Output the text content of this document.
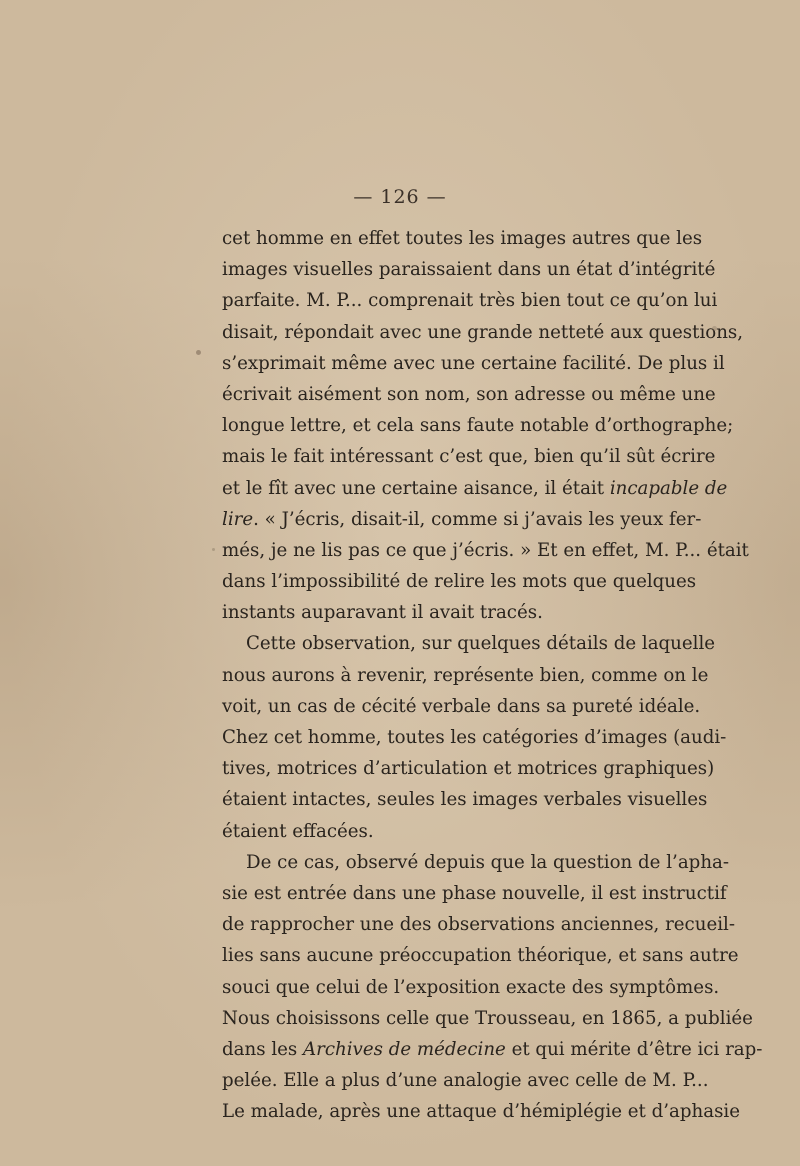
— 126 —
cet homme en effet toutes les images autres que les
images visuelles paraissaient dans un état d’intégrité
parfaite. M. P... comprenait très bien tout ce qu’on lui
disait, répondait avec une grande netteté aux questions,
s’exprimait même avec une certaine facilité. De plus il
écrivait aisément son nom, son adresse ou même une
longue lettre, et cela sans faute notable d’orthographe;
mais le fait intéressant c’est que, bien qu’il sût écrire
et le fît avec une certaine aisance, il était incapable de
lire. « J’écris, disait-il, comme si j’avais les yeux fer-
més, je ne lis pas ce que j’écris. » Et en effet, M. P... était
dans l’impossibilité de relire les mots que quelques
instants auparavant il avait tracés.
Cette observation, sur quelques détails de laquelle
nous aurons à revenir, représente bien, comme on le
voit, un cas de cécité verbale dans sa pureté idéale.
Chez cet homme, toutes les catégories d’images (audi-
tives, motrices d’articulation et motrices graphiques)
étaient intactes, seules les images verbales visuelles
étaient effacées.
De ce cas, observé depuis que la question de l’apha-
sie est entrée dans une phase nouvelle, il est instructif
de rapprocher une des observations anciennes, recueil-
lies sans aucune préoccupation théorique, et sans autre
souci que celui de l’exposition exacte des symptômes.
Nous choisissons celle que Trousseau, en 1865, a publiée
dans les Archives de médecine et qui mérite d’être ici rap-
pelée. Elle a plus d’une analogie avec celle de M. P...
Le malade, après une attaque d’hémiplégie et d’aphasie
